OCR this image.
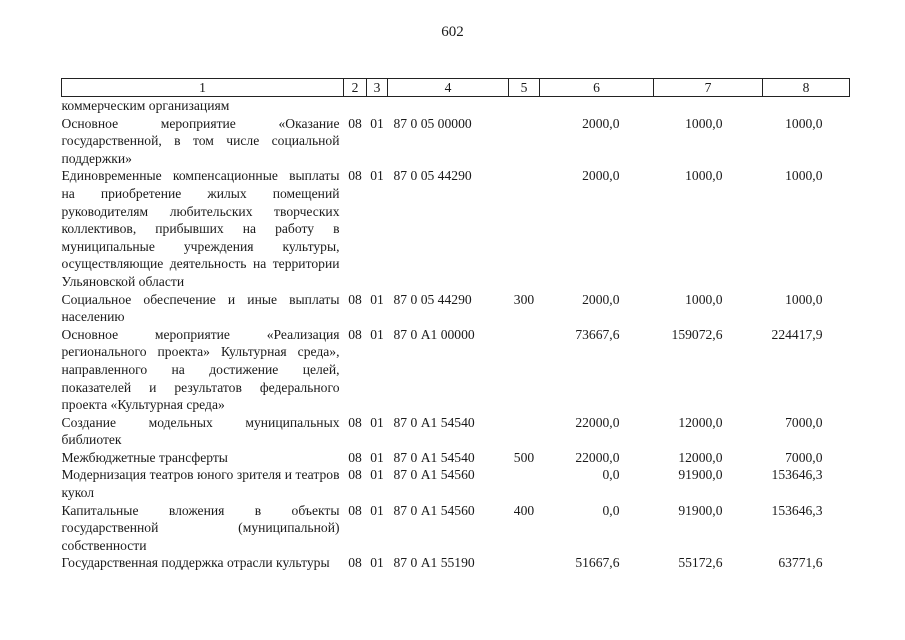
602
1	2	3	4	5	6	7	8
коммерческим организациям							
Основное мероприятие «Оказание государственной, в том числе социальной поддержки»	08	01	87 0 05 00000		2000,0	1000,0	1000,0
Единовременные компенсационные выплаты на приобретение жилых помещений руководителям любительских творческих коллективов, прибывших на работу в муниципальные учреждения культуры, осуществляющие деятельность на территории Ульяновской области	08	01	87 0 05 44290		2000,0	1000,0	1000,0
Социальное обеспечение и иные выплаты населению	08	01	87 0 05 44290	300	2000,0	1000,0	1000,0
Основное мероприятие «Реализация регионального проекта» Культурная среда», направленного на достижение целей, показателей и результатов федерального проекта «Культурная среда»	08	01	87 0 А1 00000		73667,6	159072,6	224417,9
Создание модельных муниципальных библиотек	08	01	87 0 А1 54540		22000,0	12000,0	7000,0
Межбюджетные трансферты	08	01	87 0 А1 54540	500	22000,0	12000,0	7000,0
Модернизация театров юного зрителя и театров кукол	08	01	87 0 А1 54560		0,0	91900,0	153646,3
Капитальные вложения в объекты государственной (муниципальной) собственности	08	01	87 0 А1 54560	400	0,0	91900,0	153646,3
Государственная поддержка отрасли культуры	08	01	87 0 А1 55190		51667,6	55172,6	63771,6
